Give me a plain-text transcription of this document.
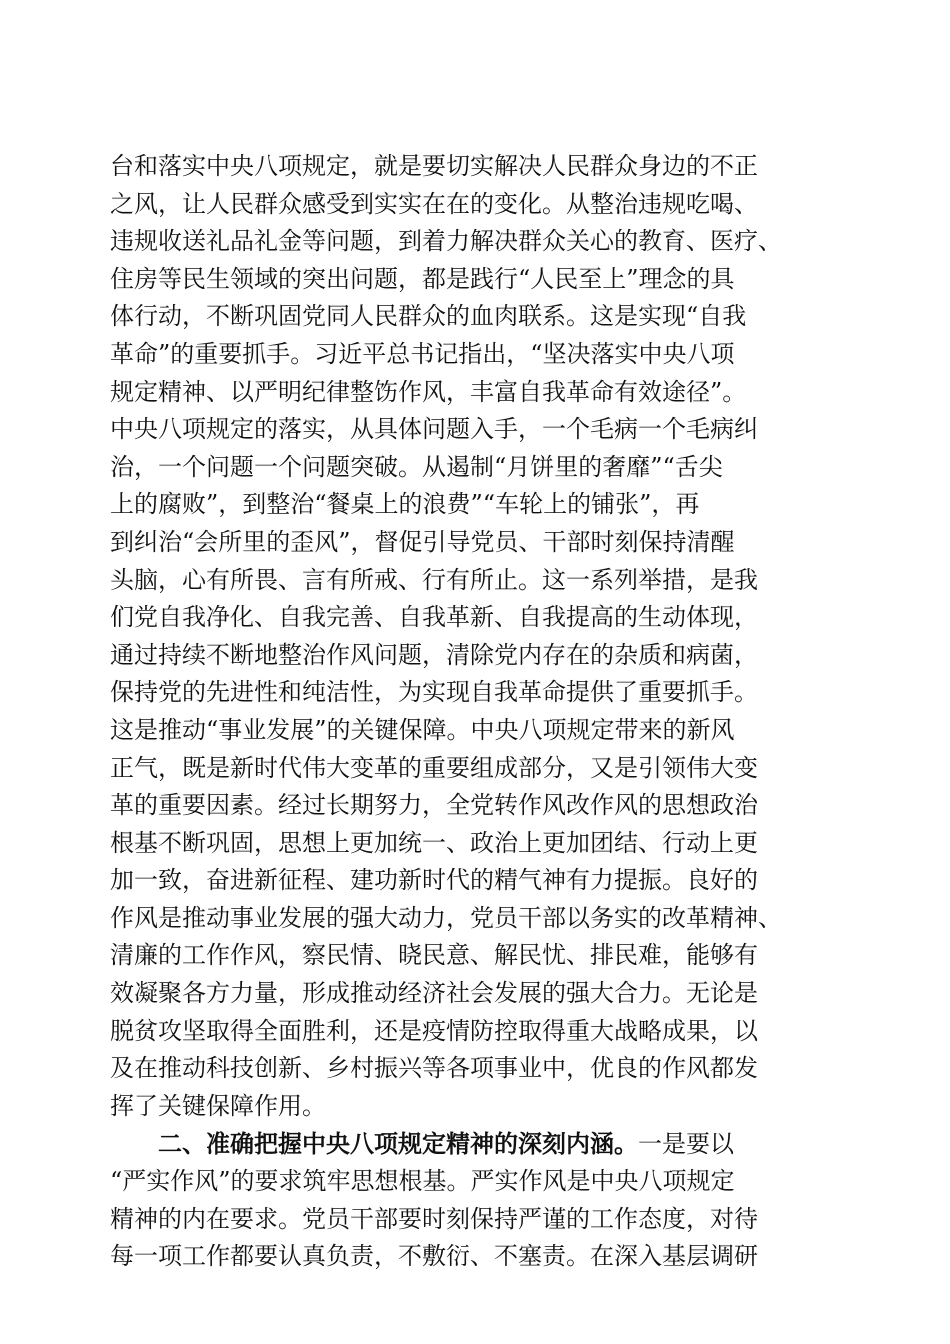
台和落实中央八项规定，就是要切实解决人民群众身边的不正
之风，让人民群众感受到实实在在的变化。从整治违规吃喝、
违规收送礼品礼金等问题，到着力解决群众关心的教育、医疗、
住房等民生领域的突出问题，都是践行“人民至上”理念的具
体行动，不断巩固党同人民群众的血肉联系。这是实现“自我
革命”的重要抓手。习近平总书记指出，“坚决落实中央八项
规定精神、以严明纪律整饬作风，丰富自我革命有效途径”。
中央八项规定的落实，从具体问题入手，一个毛病一个毛病纠
治，一个问题一个问题突破。从遏制“月饼里的奢靡”“舌尖
上的腐败”，到整治“餐桌上的浪费”“车轮上的铺张”，再
到纠治“会所里的歪风”，督促引导党员、干部时刻保持清醒
头脑，心有所畏、言有所戒、行有所止。这一系列举措，是我
们党自我净化、自我完善、自我革新、自我提高的生动体现，
通过持续不断地整治作风问题，清除党内存在的杂质和病菌，
保持党的先进性和纯洁性，为实现自我革命提供了重要抓手。
这是推动“事业发展”的关键保障。中央八项规定带来的新风
正气，既是新时代伟大变革的重要组成部分，又是引领伟大变
革的重要因素。经过长期努力，全党转作风改作风的思想政治
根基不断巩固，思想上更加统一、政治上更加团结、行动上更
加一致，奋进新征程、建功新时代的精气神有力提振。良好的
作风是推动事业发展的强大动力，党员干部以务实的改革精神、
清廉的工作作风，察民情、晓民意、解民忧、排民难，能够有
效凝聚各方力量，形成推动经济社会发展的强大合力。无论是
脱贫攻坚取得全面胜利，还是疫情防控取得重大战略成果，以
及在推动科技创新、乡村振兴等各项事业中，优良的作风都发
挥了关键保障作用。
二、准确把握中央八项规定精神的深刻内涵。一是要以
“严实作风”的要求筑牢思想根基。严实作风是中央八项规定
精神的内在要求。党员干部要时刻保持严谨的工作态度，对待
每一项工作都要认真负责，不敷衍、不塞责。在深入基层调研
